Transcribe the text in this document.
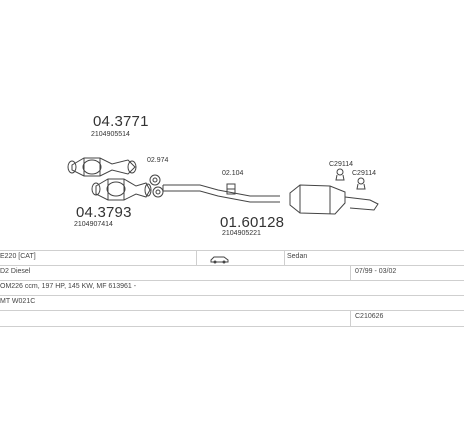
04.3771
2104905514
04.3793
2104907414
02.974
02.104
01.60128
2104905221
C29114
C29114
E220 [CAT]	Sedan
D2 Diesel	07/99 - 03/02
OM226 ccm, 197 HP, 145 KW, MF 613961 -
MT W021C
C210626
